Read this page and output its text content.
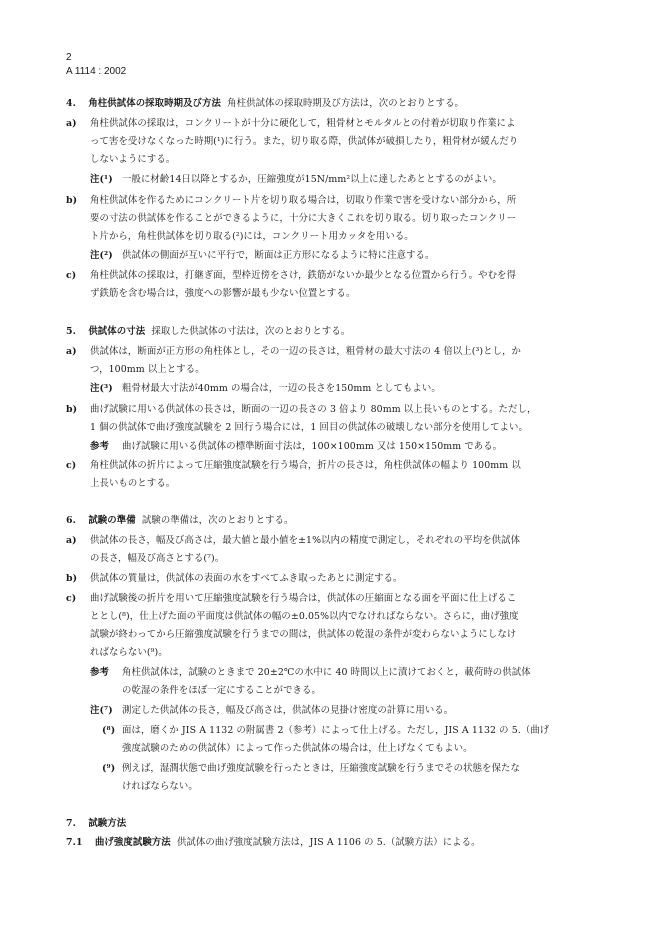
2
A 1114 : 2002
4. 角柱供試体の採取時期及び方法 角柱供試体の採取時期及び方法は，次のとおりとする。
a) 角柱供試体の採取は，コンクリートが十分に硬化して，粗骨材とモルタルとの付着が切取り作業によ
って害を受けなくなった時期(¹)に行う。また，切り取る際，供試体が破損したり，粗骨材が緩んだり
しないようにする。
注(¹) 一般に材齢14日以降とするか，圧縮強度が15N/mm²以上に達したあととするのがよい。
b) 角柱供試体を作るためにコンクリート片を切り取る場合は，切取り作業で害を受けない部分から，所
要の寸法の供試体を作ることができるように，十分に大きくこれを切り取る。切り取ったコンクリー
ト片から，角柱供試体を切り取る(²)には，コンクリート用カッタを用いる。
注(²) 供試体の側面が互いに平行で，断面は正方形になるように特に注意する。
c) 角柱供試体の採取は，打継ぎ面，型枠近傍をさけ，鉄筋がないか最少となる位置から行う。やむを得
ず鉄筋を含む場合は，強度への影響が最も少ない位置とする。
5. 供試体の寸法 採取した供試体の寸法は，次のとおりとする。
a) 供試体は，断面が正方形の角柱体とし，その一辺の長さは，粗骨材の最大寸法の 4 倍以上(³)とし，か
つ，100mm 以上とする。
注(³) 粗骨材最大寸法が40mm の場合は，一辺の長さを150mm としてもよい。
b) 曲げ試験に用いる供試体の長さは，断面の一辺の長さの 3 倍より 80mm 以上長いものとする。ただし，
1 個の供試体で曲げ強度試験を 2 回行う場合には，1 回目の供試体の破壊しない部分を使用してよい。
参考 曲げ試験に用いる供試体の標準断面寸法は，100×100mm 又は 150×150mm である。
c) 角柱供試体の折片によって圧縮強度試験を行う場合，折片の長さは，角柱供試体の幅より 100mm 以
上長いものとする。
6. 試験の準備 試験の準備は，次のとおりとする。
a) 供試体の長さ，幅及び高さは，最大値と最小値を±1%以内の精度で測定し，それぞれの平均を供試体
の長さ，幅及び高さとする(⁷)。
b) 供試体の質量は，供試体の表面の水をすべてふき取ったあとに測定する。
c) 曲げ試験後の折片を用いて圧縮強度試験を行う場合は，供試体の圧縮面となる面を平面に仕上げるこ
ととし(⁸)，仕上げた面の平面度は供試体の幅の±0.05%以内でなければならない。さらに，曲げ強度
試験が終わってから圧縮強度試験を行うまでの間は，供試体の乾湿の条件が変わらないようにしなけ
ればならない(⁹)。
参考 角柱供試体は，試験のときまで 20±2℃の水中に 40 時間以上に漬けておくと，載荷時の供試体
の乾湿の条件をほぼ一定にすることができる。
注(⁷) 測定した供試体の長さ，幅及び高さは，供試体の見掛け密度の計算に用いる。
(⁸) 面は，磨くか JIS A 1132 の附属書 2（参考）によって仕上げる。ただし，JIS A 1132 の 5.（曲げ
強度試験のための供試体）によって作った供試体の場合は，仕上げなくてもよい。
(⁹) 例えば，湿潤状態で曲げ強度試験を行ったときは，圧縮強度試験を行うまでその状態を保たな
ければならない。
7. 試験方法
7.1 曲げ強度試験方法 供試体の曲げ強度試験方法は，JIS A 1106 の 5.（試験方法）による。
